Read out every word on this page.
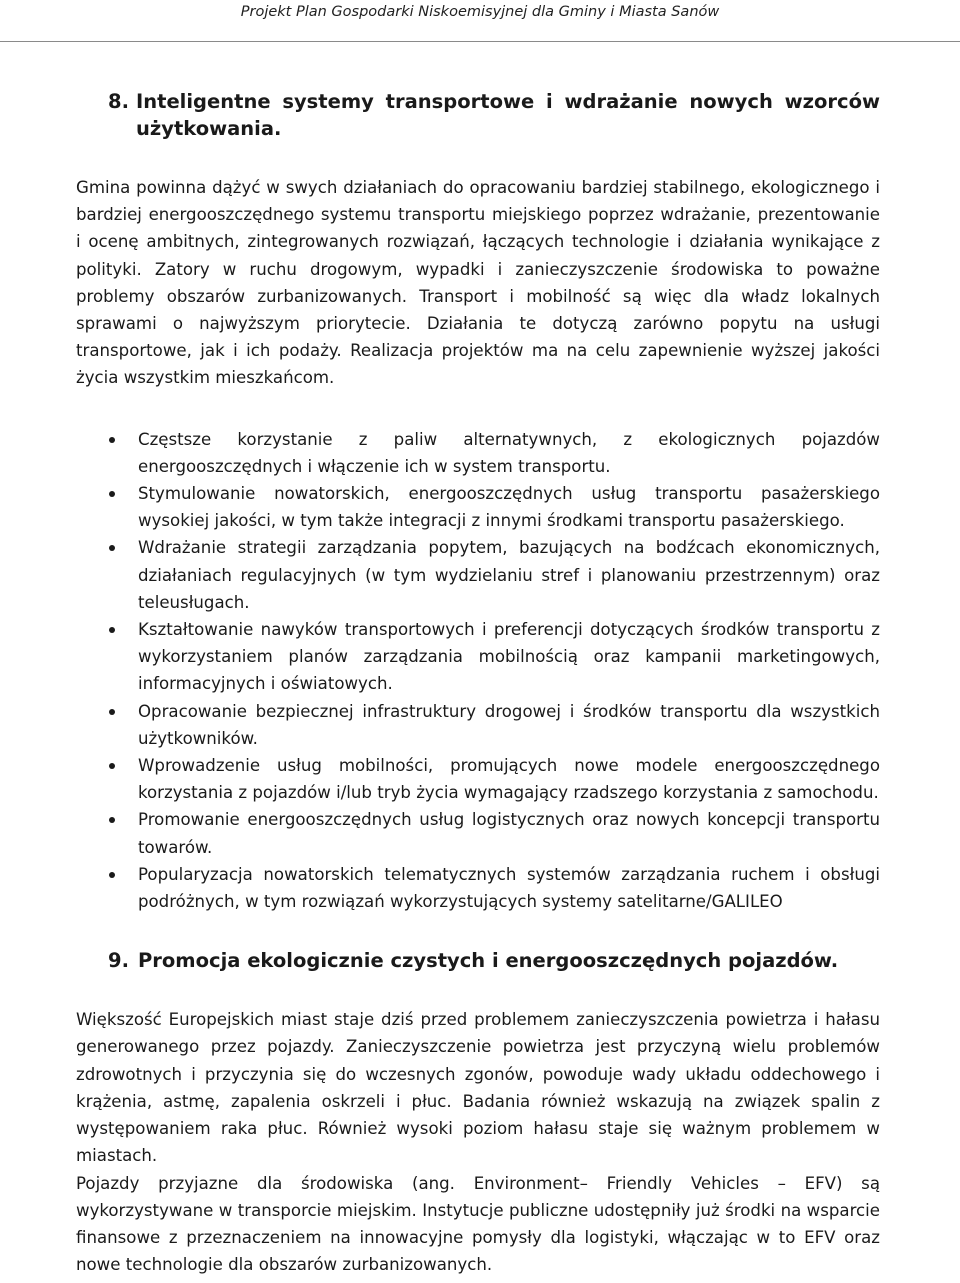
Projekt Plan Gospodarki Niskoemisyjnej dla Gminy i Miasta Sanów
8. Inteligentne systemy transportowe i wdrażanie nowych wzorców użytkowania.

Gmina powinna dążyć w swych działaniach do opracowaniu bardziej stabilnego, ekologicznego i bardziej energooszczędnego systemu transportu miejskiego poprzez wdrażanie, prezentowanie i ocenę ambitnych, zintegrowanych rozwiązań, łączących technologie i działania wynikające z polityki. Zatory w ruchu drogowym, wypadki i zanieczyszczenie środowiska to poważne problemy obszarów zurbanizowanych. Transport i mobilność są więc dla władz lokalnych sprawami o najwyższym priorytecie. Działania te dotyczą zarówno popytu na usługi transportowe, jak i ich podaży. Realizacja projektów ma na celu zapewnienie wyższej jakości życia wszystkim mieszkańcom.

Częstsze korzystanie z paliw alternatywnych, z ekologicznych pojazdów energooszczędnych i włączenie ich w system transportu.
Stymulowanie nowatorskich, energooszczędnych usług transportu pasażerskiego wysokiej jakości, w tym także integracji z innymi środkami transportu pasażerskiego.
Wdrażanie strategii zarządzania popytem, bazujących na bodźcach ekonomicznych, działaniach regulacyjnych (w tym wydzielaniu stref i planowaniu przestrzennym) oraz teleusługach.
Kształtowanie nawyków transportowych i preferencji dotyczących środków transportu z wykorzystaniem planów zarządzania mobilnością oraz kampanii marketingowych, informacyjnych i oświatowych.
Opracowanie bezpiecznej infrastruktury drogowej i środków transportu dla wszystkich użytkowników.
Wprowadzenie usług mobilności, promujących nowe modele energooszczędnego korzystania z pojazdów i/lub tryb życia wymagający rzadszego korzystania z samochodu.
Promowanie energooszczędnych usług logistycznych oraz nowych koncepcji transportu towarów.
Popularyzacja nowatorskich telematycznych systemów zarządzania ruchem i obsługi podróżnych, w tym rozwiązań wykorzystujących systemy satelitarne/GALILEO
9. Promocja ekologicznie czystych i energooszczędnych pojazdów.

Większość Europejskich miast staje dziś przed problemem zanieczyszczenia powietrza i hałasu generowanego przez pojazdy. Zanieczyszczenie powietrza jest przyczyną wielu problemów zdrowotnych i przyczynia się do wczesnych zgonów, powoduje wady układu oddechowego i krążenia, astmę, zapalenia oskrzeli i płuc. Badania również wskazują na związek spalin z występowaniem raka płuc. Również wysoki poziom hałasu staje się ważnym problemem w miastach.

Pojazdy przyjazne dla środowiska (ang. Environment– Friendly Vehicles – EFV) są wykorzystywane w transporcie miejskim. Instytucje publiczne udostępniły już środki na wsparcie finansowe z przeznaczeniem na innowacyjne pomysły dla logistyki, włączając w to EFV oraz nowe technologie dla obszarów zurbanizowanych.
